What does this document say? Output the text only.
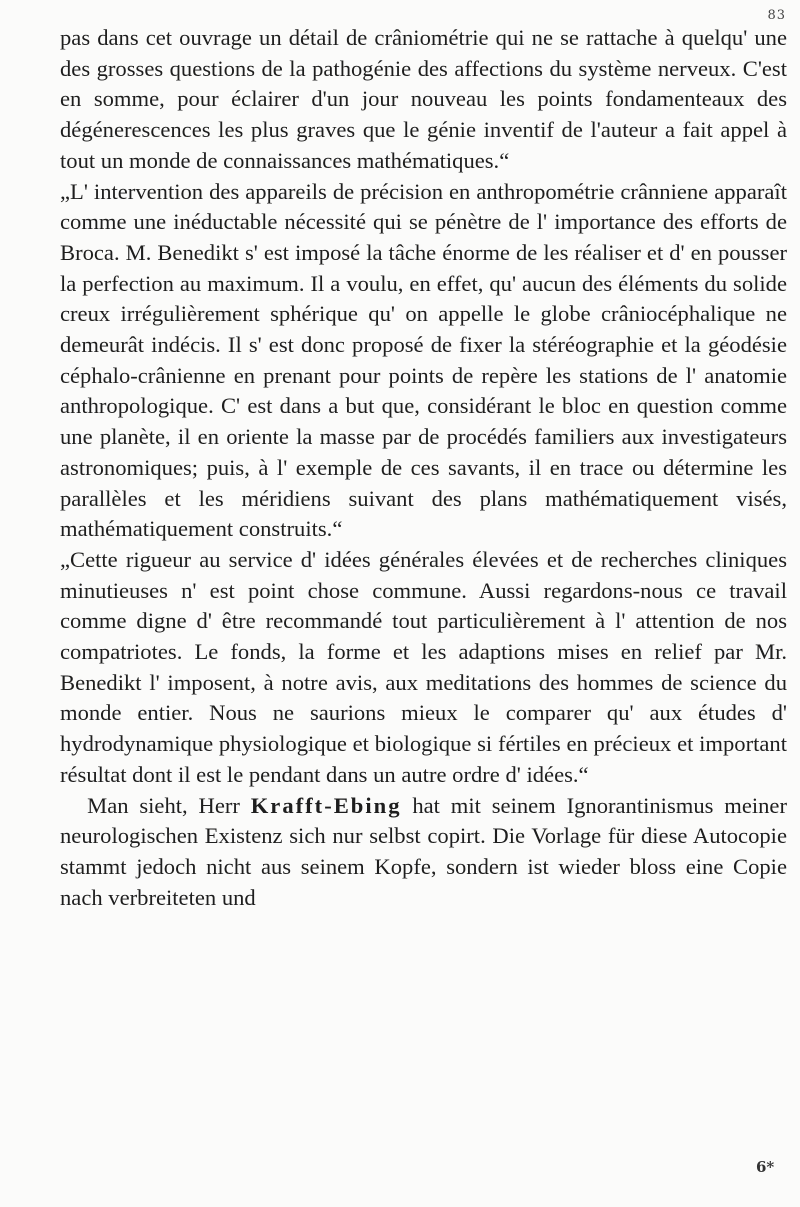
83

pas dans cet ouvrage un détail de crâniométrie qui ne se rattache à quelqu' une des grosses questions de la pathogénie des affections du système nerveux. C'est en somme, pour éclairer d'un jour nouveau les points fondamenteaux des dégénerescences les plus graves que le génie inventif de l'auteur a fait appel à tout un monde de connaissances mathématiques.“

„L' intervention des appareils de précision en anthropométrie crânniene apparaît comme une inéductable nécessité qui se pénètre de l' importance des efforts de Broca. M. Benedikt s' est imposé la tâche énorme de les réaliser et d' en pousser la perfection au maximum. Il a voulu, en effet, qu' aucun des éléments du solide creux irrégulièrement sphérique qu' on appelle le globe crâniocéphalique ne demeurât indécis. Il s' est donc proposé de fixer la stéréographie et la géodésie céphalo-crânienne en prenant pour points de repère les stations de l' anatomie anthropologique. C' est dans a but que, considérant le bloc en question comme une planète, il en oriente la masse par de procédés familiers aux investigateurs astronomiques; puis, à l' exemple de ces savants, il en trace ou détermine les parallèles et les méridiens suivant des plans mathématiquement visés, mathématiquement construits.“

„Cette rigueur au service d' idées générales élevées et de recherches cliniques minutieuses n' est point chose commune. Aussi regardons-nous ce travail comme digne d' être recommandé tout particulièrement à l' attention de nos compatriotes. Le fonds, la forme et les adaptions mises en relief par Mr. Benedikt l' imposent, à notre avis, aux meditations des hommes de science du monde entier. Nous ne saurions mieux le comparer qu' aux études d' hydrodynamique physiologique et biologique si fértiles en précieux et important résultat dont il est le pendant dans un autre ordre d' idées.“

Man sieht, Herr Krafft-Ebing hat mit seinem Ignorantinismus meiner neurologischen Existenz sich nur selbst copirt. Die Vorlage für diese Autocopie stammt jedoch nicht aus seinem Kopfe, sondern ist wieder bloss eine Copie nach verbreiteten und

6*
